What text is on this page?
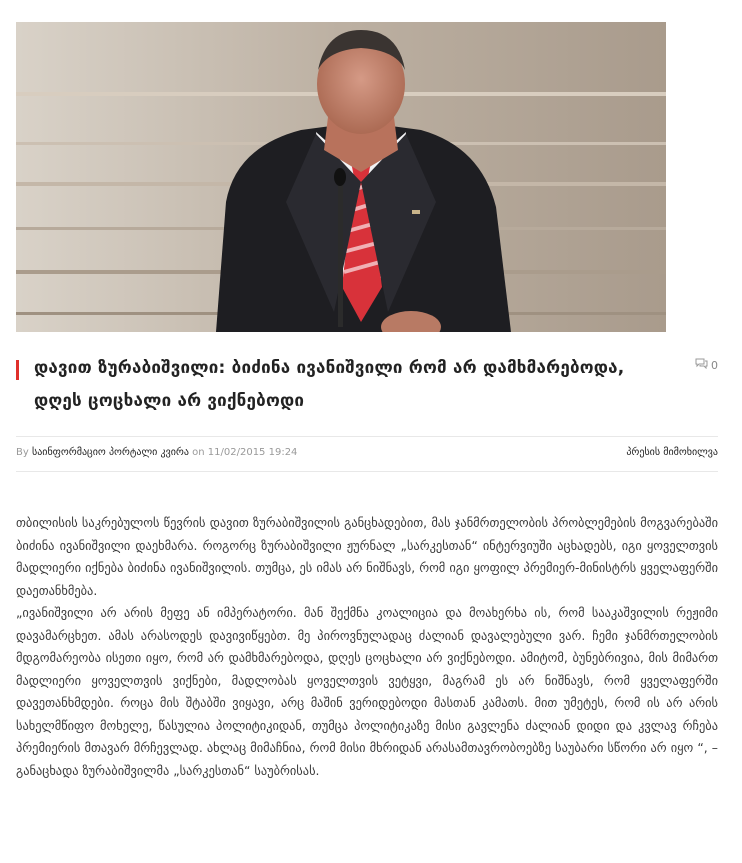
დავით ზურაბიშვილი: ბიძინა ივანიშვილი რომ არ დამხმარებოდა, დღეს ცოცხალი არ ვიქნებოდი
0
By საინფორმაციო პორტალი კვირა on 11/02/2015 19:24	პრესის მიმოხილვა

თბილისის საკრებულოს წევრის დავით ზურაბიშვილის განცხადებით, მას ჯანმრთელობის პრობლემების მოგვარებაში ბიძინა ივანიშვილი დაეხმარა. როგორც ზურაბიშვილი ჟურნალ „სარკესთან“ ინტერვიუში აცხადებს, იგი ყოველთვის მადლიერი იქნება ბიძინა ივანიშვილის. თუმცა, ეს იმას არ ნიშნავს, რომ იგი ყოფილ პრემიერ-მინისტრს ყველაფერში დაეთანხმება.

„ივანიშვილი არ არის მეფე ან იმპერატორი. მან შექმნა კოალიცია და მოახერხა ის, რომ სააკაშვილის რეჟიმი დავამარცხეთ. ამას არასოდეს დავივიწყებთ. მე პიროვნულადაც ძალიან დავალებული ვარ. ჩემი ჯანმრთელობის მდგომარეობა ისეთი იყო, რომ არ დამხმარებოდა, დღეს ცოცხალი არ ვიქნებოდი. ამიტომ, ბუნებრივია, მის მიმართ მადლიერი ყოველთვის ვიქნები, მადლობას ყოველთვის ვეტყვი, მაგრამ ეს არ ნიშნავს, რომ ყველაფერში დავეთანხმდები. როცა მის შტაბში ვიყავი, არც მაშინ ვერიდებოდი მასთან კამათს. მით უმეტეს, რომ ის არ არის სახელმწიფო მოხელე, წასულია პოლიტიკიდან, თუმცა პოლიტიკაზე მისი გავლენა ძალიან დიდი და კვლავ რჩება პრემიერის მთავარ მრჩევლად. ახლაც მიმაჩნია, რომ მისი მხრიდან არასამთავრობოებზე საუბარი სწორი არ იყო “, – განაცხადა ზურაბიშვილმა „სარკესთან“ საუბრისას.
